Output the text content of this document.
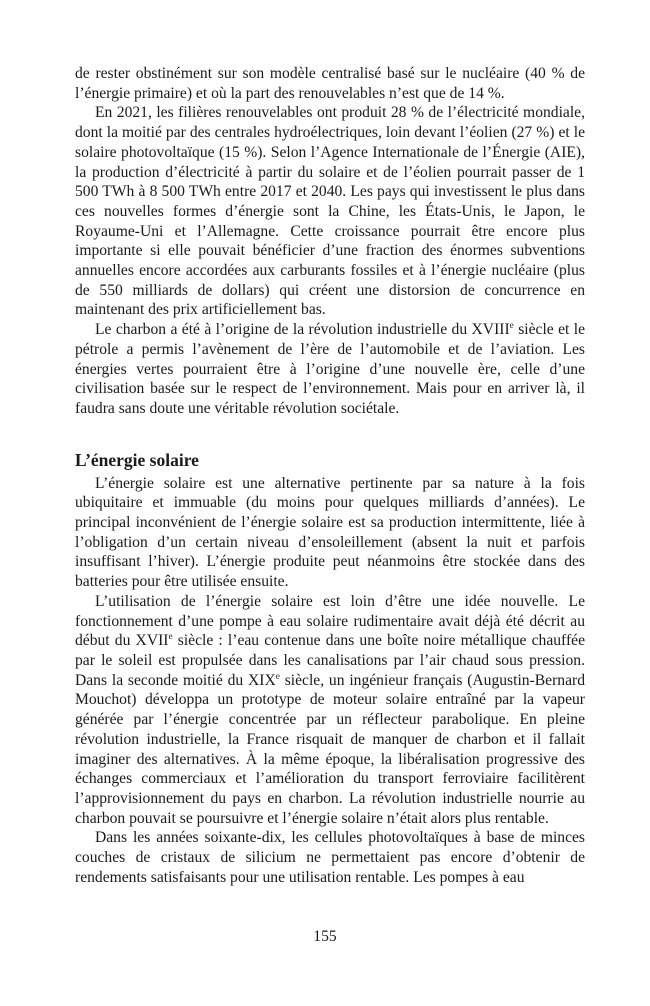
de rester obstinément sur son modèle centralisé basé sur le nucléaire (40 % de l’énergie primaire) et où la part des renouvelables n’est que de 14 %.

En 2021, les filières renouvelables ont produit 28 % de l’électricité mondiale, dont la moitié par des centrales hydroélectriques, loin devant l’éolien (27 %) et le solaire photovoltaïque (15 %). Selon l’Agence Internationale de l’Énergie (AIE), la production d’électricité à partir du solaire et de l’éolien pourrait passer de 1 500 TWh à 8 500 TWh entre 2017 et 2040. Les pays qui investissent le plus dans ces nouvelles formes d’énergie sont la Chine, les États-Unis, le Japon, le Royaume-Uni et l’Allemagne. Cette croissance pourrait être encore plus importante si elle pouvait bénéficier d’une fraction des énormes subventions annuelles encore accordées aux carburants fossiles et à l’énergie nucléaire (plus de 550 milliards de dollars) qui créent une distorsion de concurrence en maintenant des prix artificiellement bas.

Le charbon a été à l’origine de la révolution industrielle du XVIIIe siècle et le pétrole a permis l’avènement de l’ère de l’automobile et de l’aviation. Les énergies vertes pourraient être à l’origine d’une nouvelle ère, celle d’une civilisation basée sur le respect de l’environnement. Mais pour en arriver là, il faudra sans doute une véritable révolution sociétale.

L’énergie solaire

L’énergie solaire est une alternative pertinente par sa nature à la fois ubiquitaire et immuable (du moins pour quelques milliards d’années). Le principal inconvénient de l’énergie solaire est sa production intermittente, liée à l’obligation d’un certain niveau d’ensoleillement (absent la nuit et parfois insuffisant l’hiver). L’énergie produite peut néanmoins être stockée dans des batteries pour être utilisée ensuite.

L’utilisation de l’énergie solaire est loin d’être une idée nouvelle. Le fonctionnement d’une pompe à eau solaire rudimentaire avait déjà été décrit au début du XVIIe siècle : l’eau contenue dans une boîte noire métallique chauffée par le soleil est propulsée dans les canalisations par l’air chaud sous pression. Dans la seconde moitié du XIXe siècle, un ingénieur français (Augustin-Bernard Mouchot) développa un prototype de moteur solaire entraîné par la vapeur générée par l’énergie concentrée par un réflecteur parabolique. En pleine révolution industrielle, la France risquait de manquer de charbon et il fallait imaginer des alternatives. À la même époque, la libéralisation progressive des échanges commerciaux et l’amélioration du transport ferroviaire facilitèrent l’approvisionnement du pays en charbon. La révolution industrielle nourrie au charbon pouvait se poursuivre et l’énergie solaire n’était alors plus rentable.

Dans les années soixante-dix, les cellules photovoltaïques à base de minces couches de cristaux de silicium ne permettaient pas encore d’obtenir de rendements satisfaisants pour une utilisation rentable. Les pompes à eau

155
